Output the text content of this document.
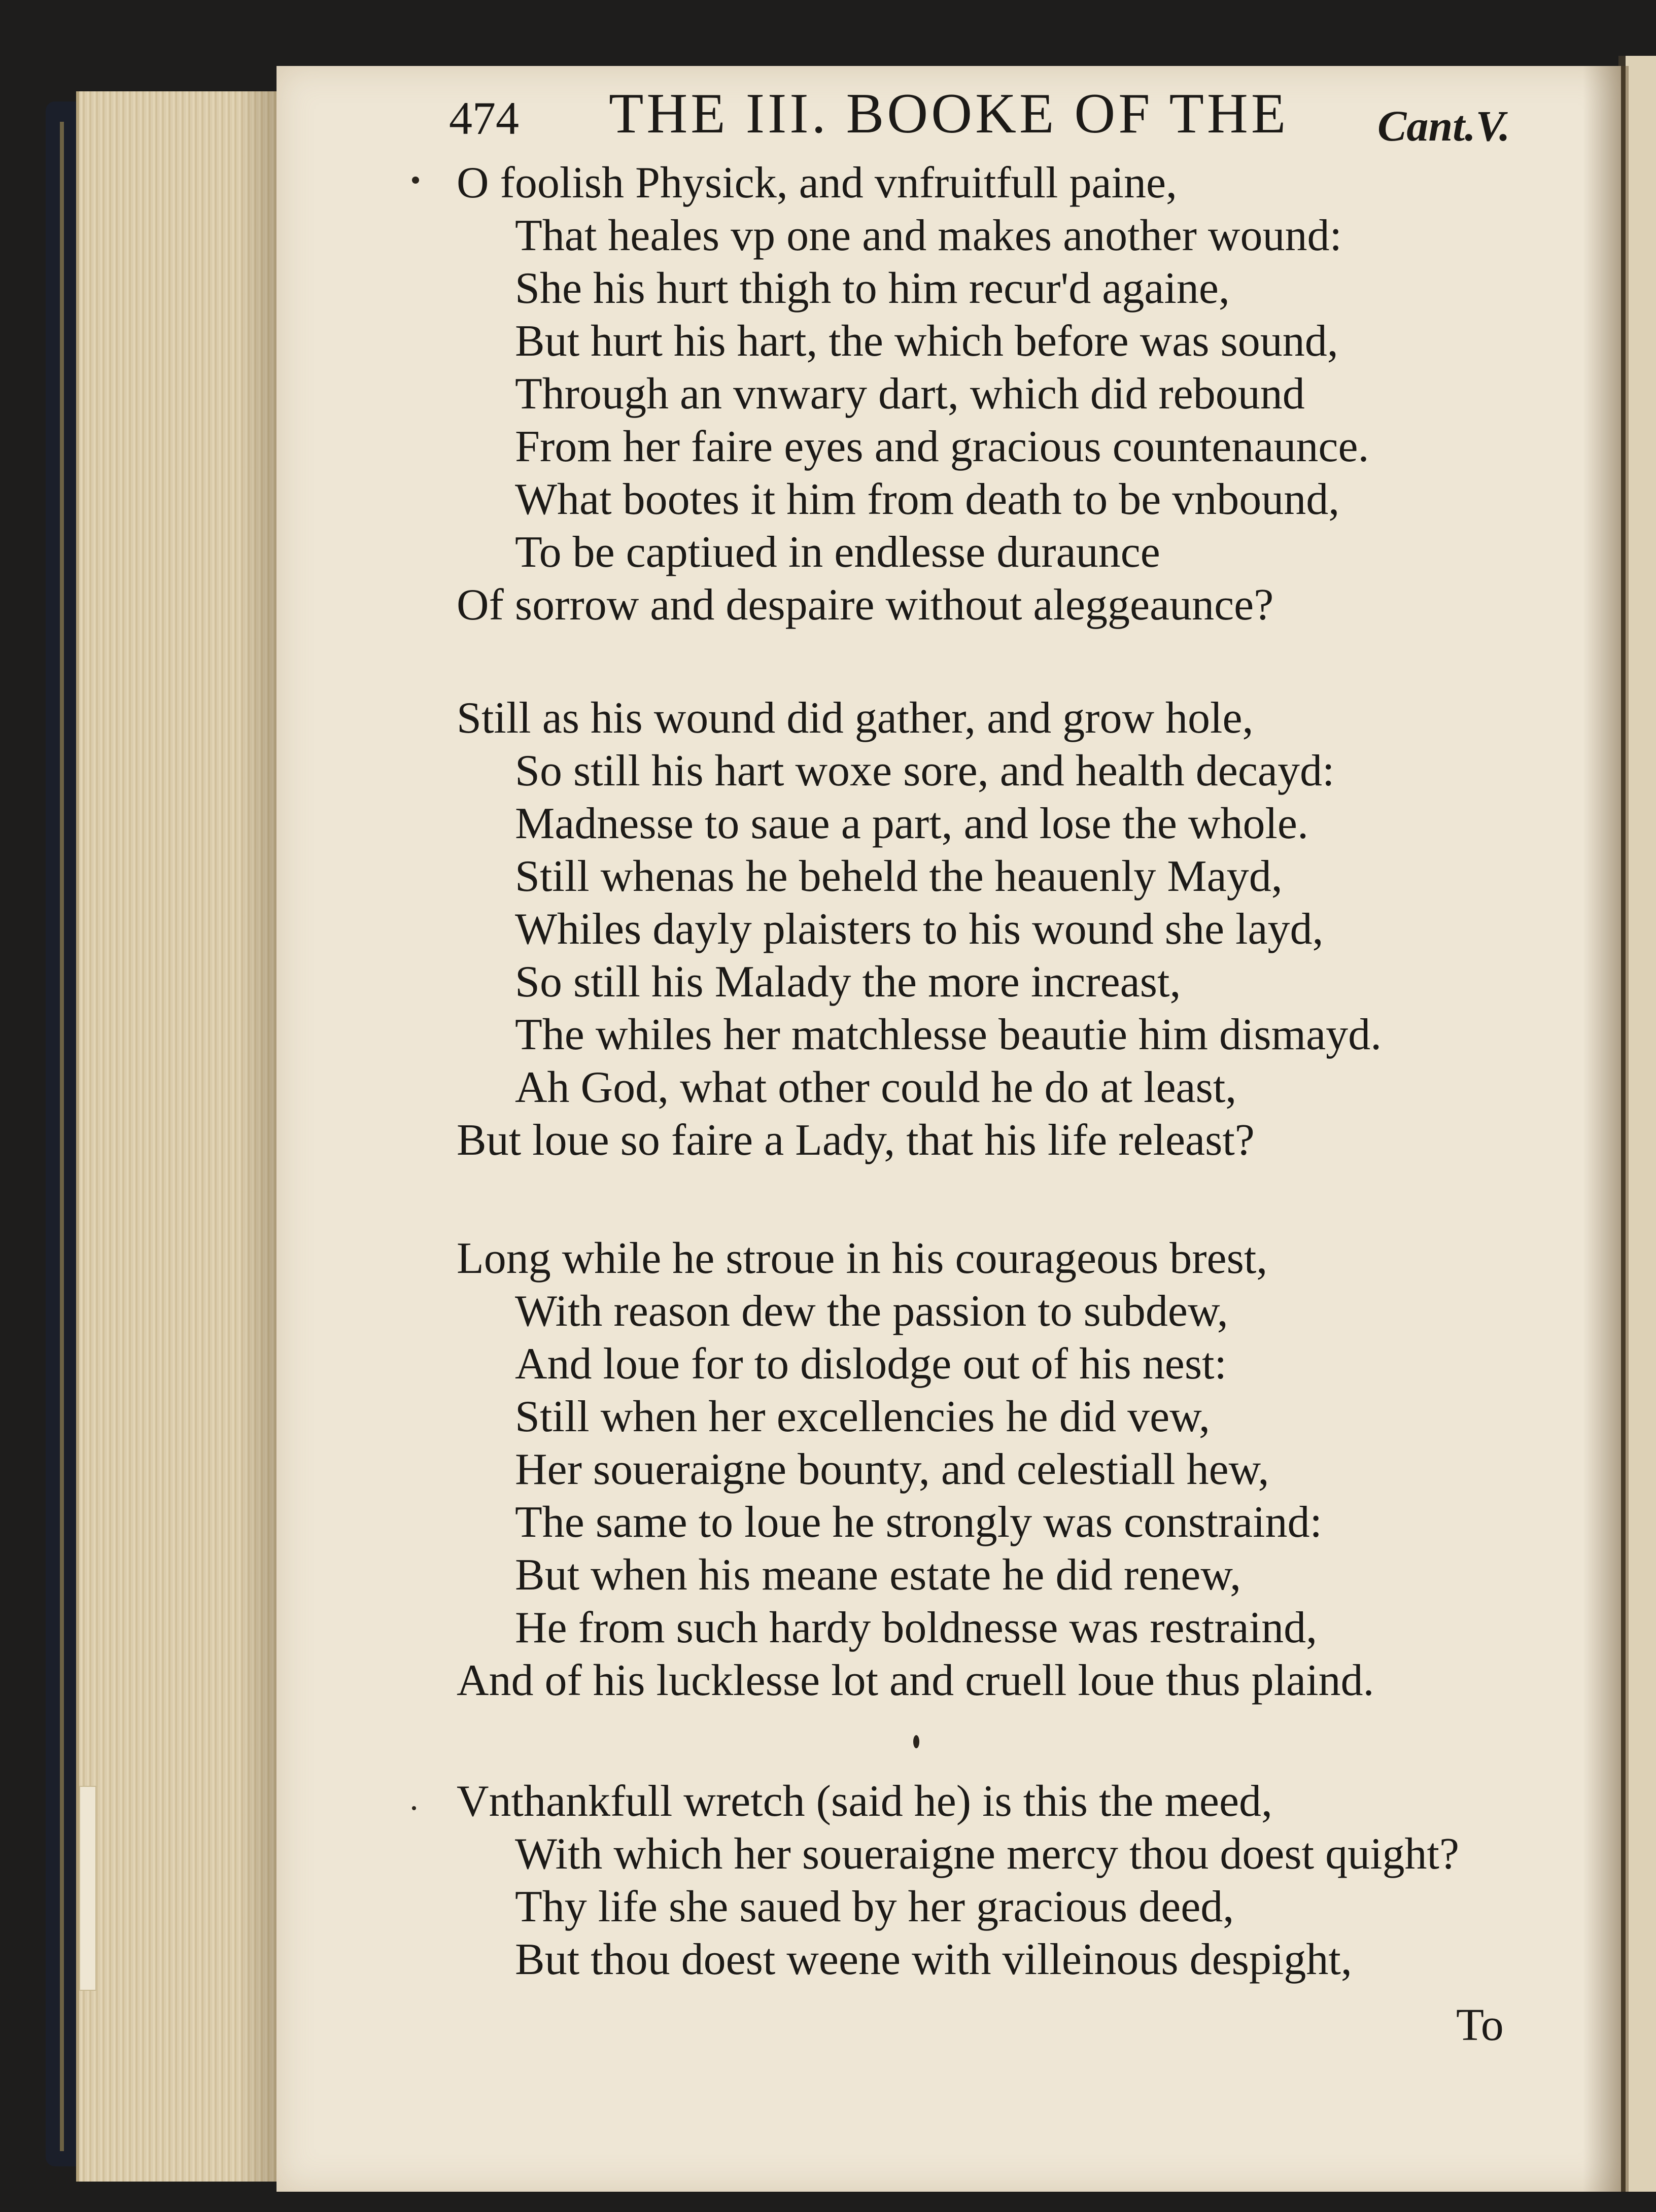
474 THE III. BOOKE OF THE Cant.V.
O foolish Physick, and vnfruitfull paine,
That heales vp one and makes another wound:
She his hurt thigh to him recur'd againe,
But hurt his hart, the which before was sound,
Through an vnwary dart, which did rebound
From her faire eyes and gracious countenaunce.
What bootes it him from death to be vnbound,
To be captiued in endlesse duraunce
Of sorrow and despaire without aleggeaunce?
Still as his wound did gather, and grow hole,
So still his hart woxe sore, and health decayd:
Madnesse to saue a part, and lose the whole.
Still whenas he beheld the heauenly Mayd,
Whiles dayly plaisters to his wound she layd,
So still his Malady the more increast,
The whiles her matchlesse beautie him dismayd.
Ah God, what other could he do at least,
But loue so faire a Lady, that his life releast?
Long while he stroue in his courageous brest,
With reason dew the passion to subdew,
And loue for to dislodge out of his nest:
Still when her excellencies he did vew,
Her soueraigne bounty, and celestiall hew,
The same to loue he strongly was constraind:
But when his meane estate he did renew,
He from such hardy boldnesse was restraind,
And of his lucklesse lot and cruell loue thus plaind.
Vnthankfull wretch (said he) is this the meed,
With which her soueraigne mercy thou doest quight?
Thy life she saued by her gracious deed,
But thou doest weene with villeinous despight,
To
